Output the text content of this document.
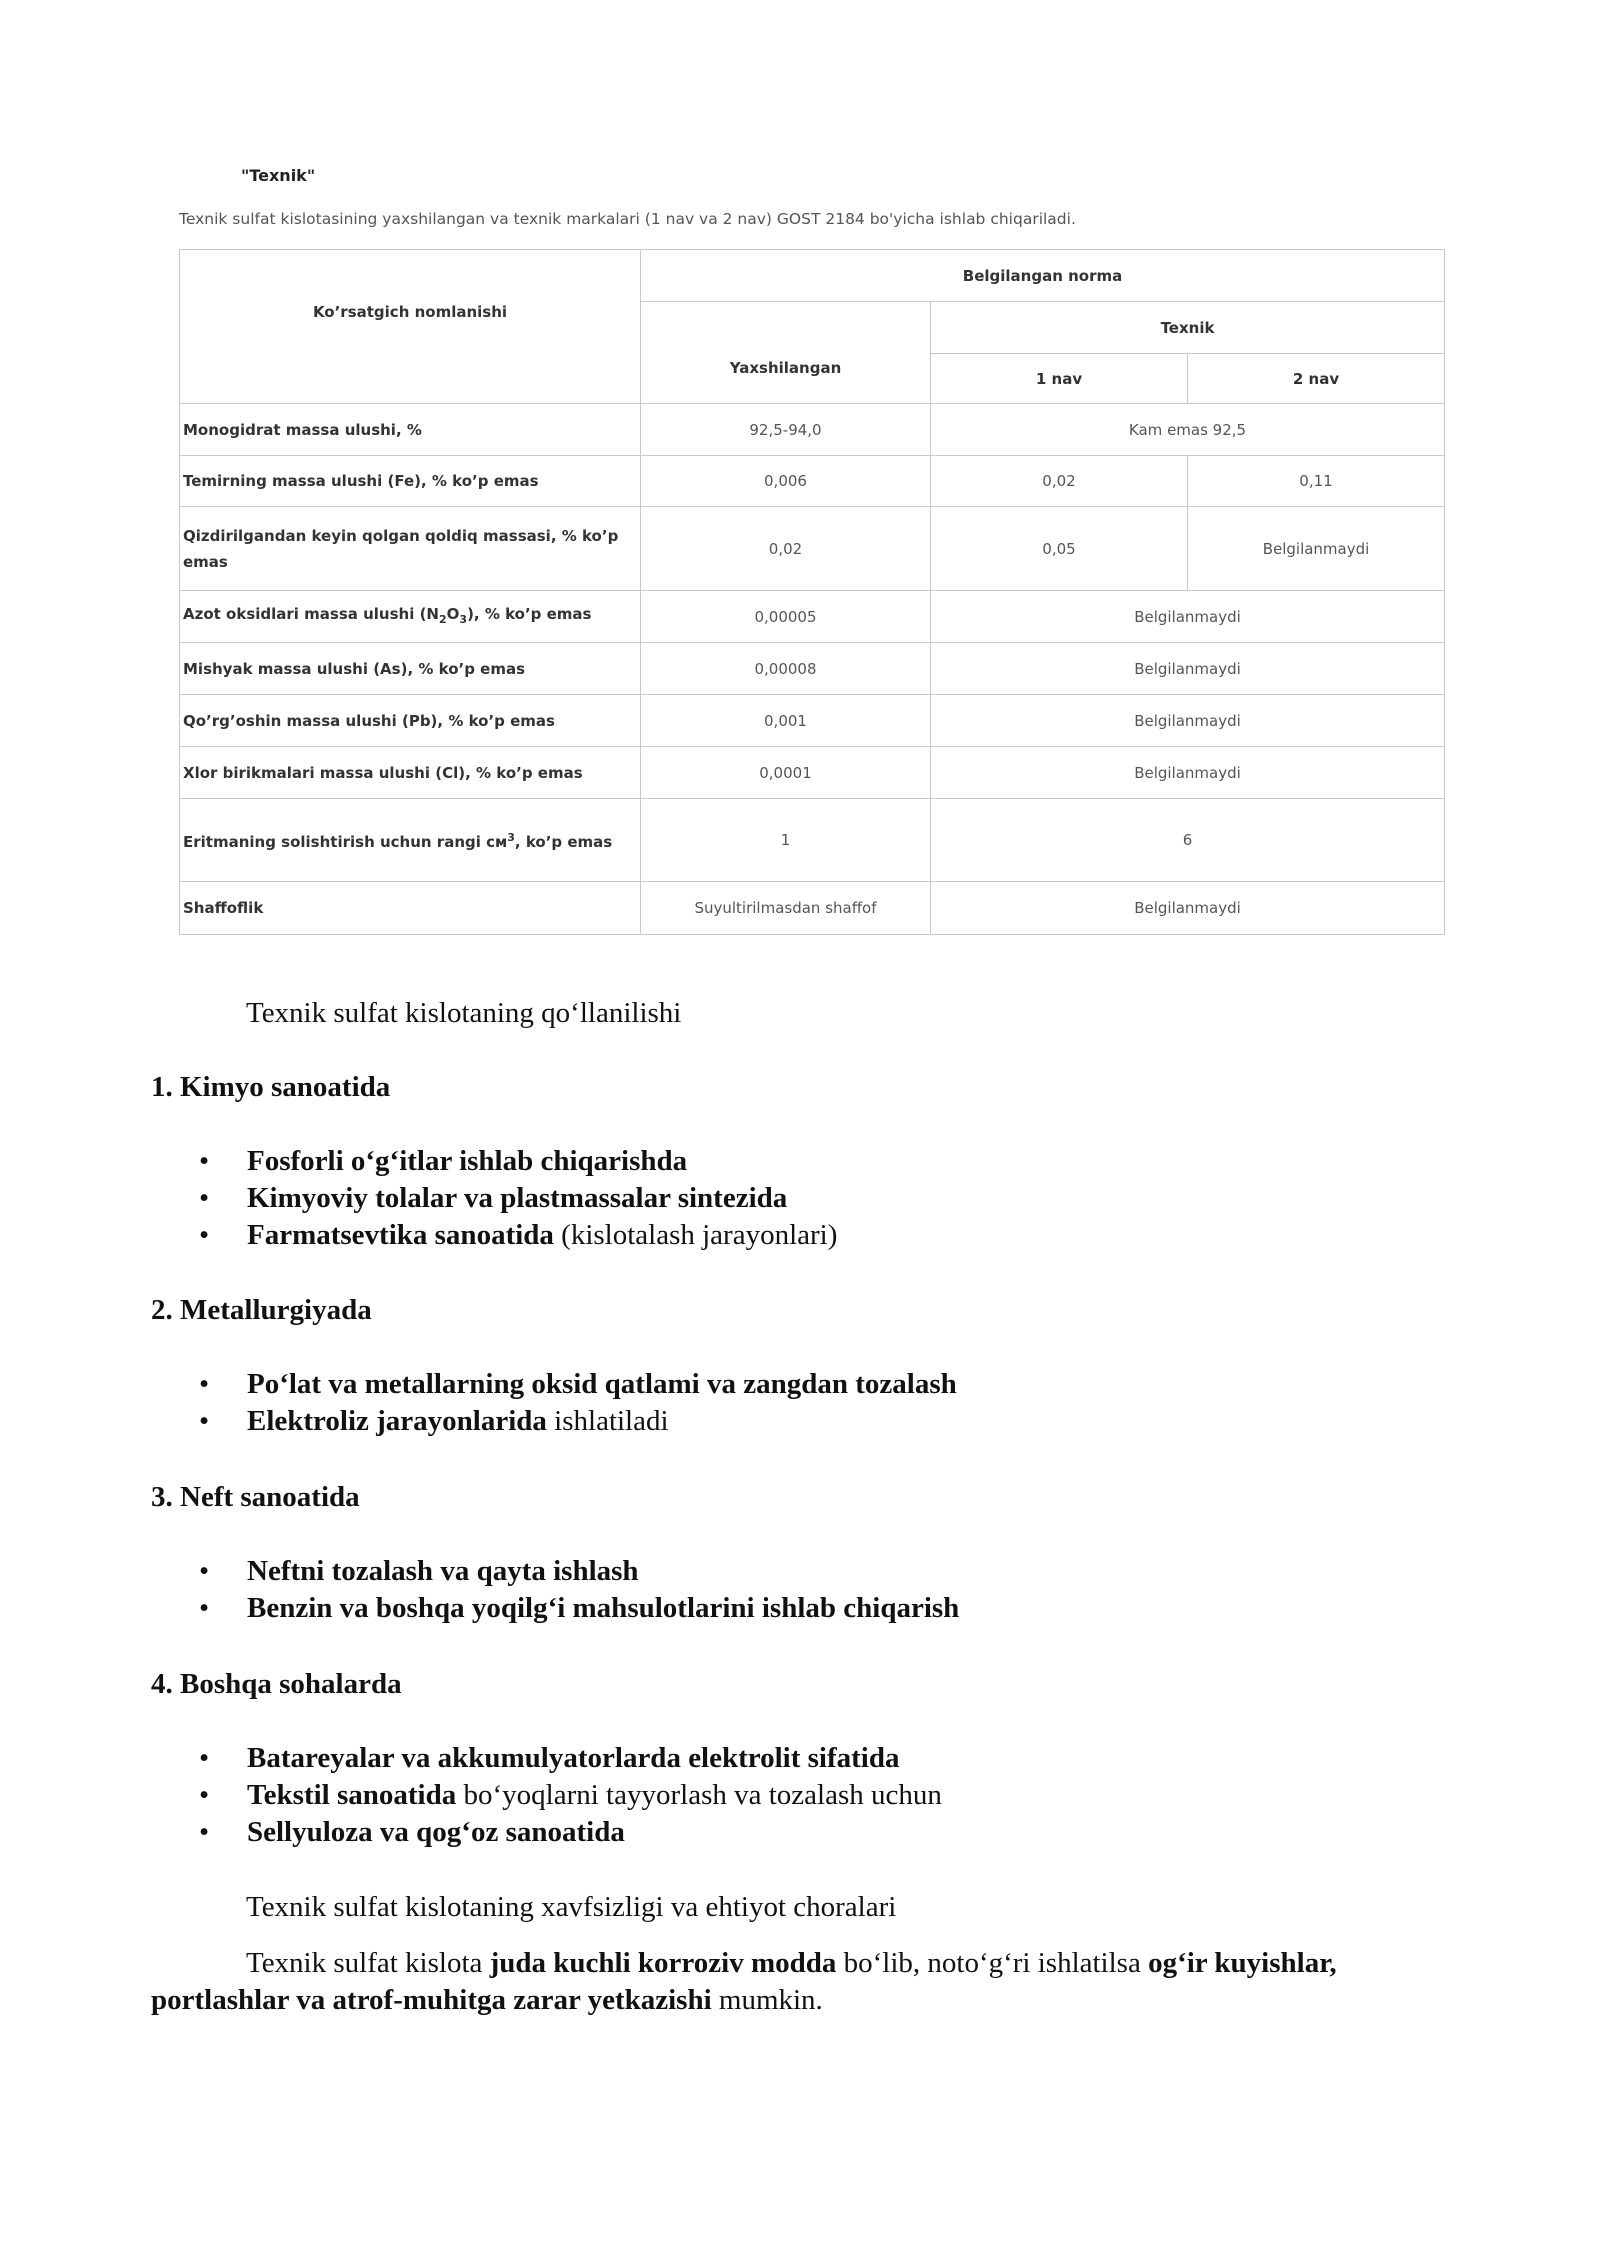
"Texnik"
Texnik sulfat kislotasining yaxshilangan va texnik markalari (1 nav va 2 nav) GOST 2184 bo'yicha ishlab chiqariladi.
Ko’rsatgich nomlanishi	Belgilangan norma		
	Yaxshilangan	Texnik	
		1 nav	2 nav
Monogidrat massa ulushi, %	92,5-94,0	Kam emas 92,5	
Temirning massa ulushi (Fe), % ko’p emas	0,006	0,02	0,11
Qizdirilgandan keyin qolgan qoldiq massasi, % ko’p emas	0,02	0,05	Belgilanmaydi
Azot oksidlari massa ulushi $(N_2O_3)$, % ko’p emas	0,00005	Belgilanmaydi	
Mishyak massa ulushi (As), % ko’p emas	0,00008	Belgilanmaydi	
Qo’rg’oshin massa ulushi (Pb), % ko’p emas	0,001	Belgilanmaydi	
Xlor birikmalari massa ulushi (Cl), % ko’p emas	0,0001	Belgilanmaydi	
Eritmaning solishtirish uchun rangi $см^3$, ko’p emas	1	6	
Shaffoflik	Suyultirilmasdan shaffof	Belgilanmaydi	
Texnik sulfat kislotaning qo‘llanilishi
1. Kimyo sanoatida
• Fosforli o‘g‘itlar ishlab chiqarishda
• Kimyoviy tolalar va plastmassalar sintezida
• Farmatsevtika sanoatida (kislotalash jarayonlari)
2. Metallurgiyada
• Po‘lat va metallarning oksid qatlami va zangdan tozalash
• Elektroliz jarayonlarida ishlatiladi
3. Neft sanoatida
• Neftni tozalash va qayta ishlash
• Benzin va boshqa yoqilg‘i mahsulotlarini ishlab chiqarish
4. Boshqa sohalarda
• Batareyalar va akkumulyatorlarda elektrolit sifatida
• Tekstil sanoatida bo‘yoqlarni tayyorlash va tozalash uchun
• Sellyuloza va qog‘oz sanoatida
Texnik sulfat kislotaning xavfsizligi va ehtiyot choralari
Texnik sulfat kislota juda kuchli korroziv modda bo‘lib, noto‘g‘ri ishlatilsa og‘ir kuyishlar, portlashlar va atrof-muhitga zarar yetkazishi mumkin.
